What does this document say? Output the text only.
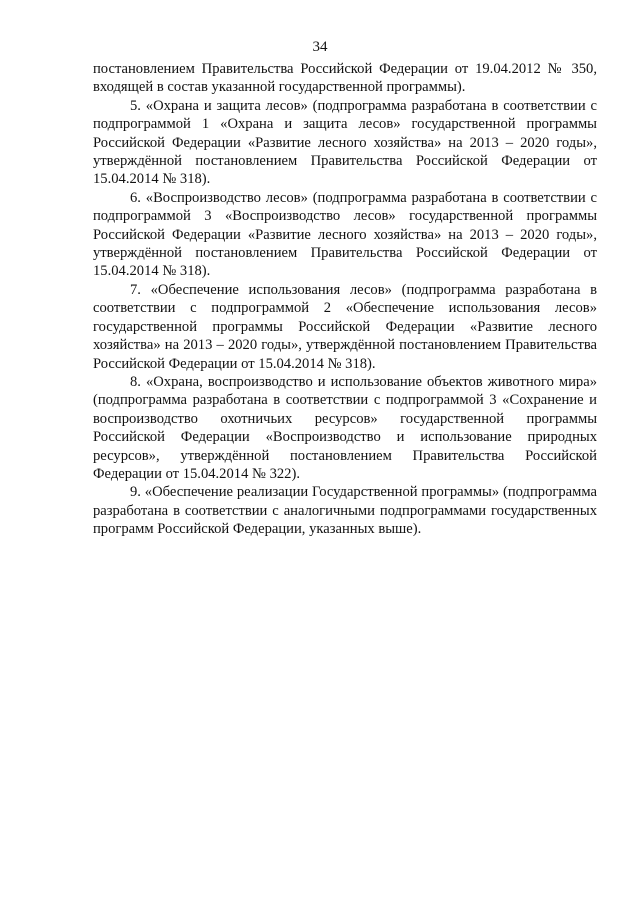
34

постановлением Правительства Российской Федерации от 19.04.2012 № 350, входящей в состав указанной государственной программы).

5. «Охрана и защита лесов» (подпрограмма разработана в соответствии с подпрограммой 1 «Охрана и защита лесов» государственной программы Российской Федерации «Развитие лесного хозяйства» на 2013 – 2020 годы», утверждённой постановлением Правительства Российской Федерации от 15.04.2014 № 318).

6. «Воспроизводство лесов» (подпрограмма разработана в соответствии с подпрограммой 3 «Воспроизводство лесов» государственной программы Российской Федерации «Развитие лесного хозяйства» на 2013 – 2020 годы», утверждённой постановлением Правительства Российской Федерации от 15.04.2014 № 318).

7. «Обеспечение использования лесов» (подпрограмма разработана в соответствии с подпрограммой 2 «Обеспечение использования лесов» государственной программы Российской Федерации «Развитие лесного хозяйства» на 2013 – 2020 годы», утверждённой постановлением Правительства Российской Федерации от 15.04.2014 № 318).

8. «Охрана, воспроизводство и использование объектов животного мира» (подпрограмма разработана в соответствии с подпрограммой 3 «Сохранение и воспроизводство охотничьих ресурсов» государственной программы Российской Федерации «Воспроизводство и использование природных ресурсов», утверждённой постановлением Правительства Российской Федерации от 15.04.2014 № 322).

9. «Обеспечение реализации Государственной программы» (подпрограмма разработана в соответствии с аналогичными подпрограммами государственных программ Российской Федерации, указанных выше).
